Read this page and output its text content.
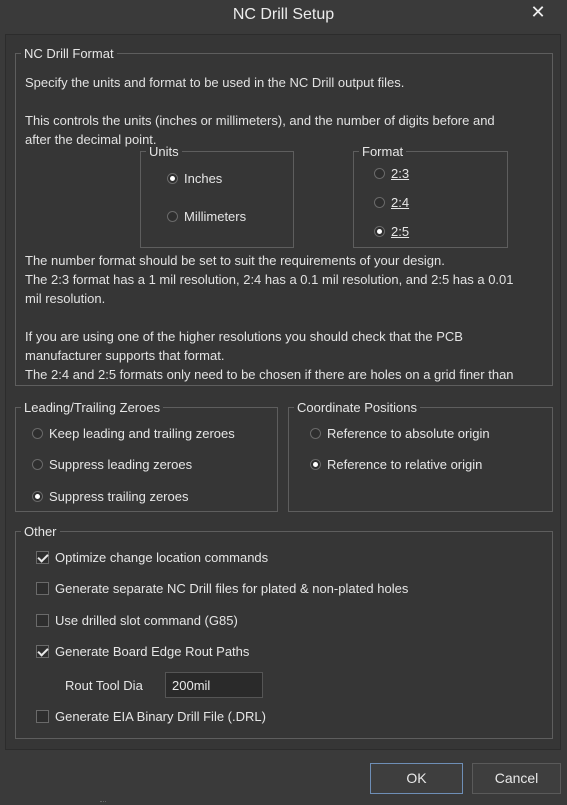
NC Drill Setup	✕
NC Drill Format
Specify the units and format to be used in the NC Drill output files.
This controls the units (inches or millimeters), and the number of digits before and
after the decimal point.
Units
Inches
Millimeters
Format
2:3
2:4
2:5
The number format should be set to suit the requirements of your design.
The 2:3 format has a 1 mil resolution, 2:4 has a 0.1 mil resolution, and 2:5 has a 0.01
mil resolution.
If you are using one of the higher resolutions you should check that the PCB
manufacturer supports that format.
The 2:4 and 2:5 formats only need to be chosen if there are holes on a grid finer than
Leading/Trailing Zeroes
Keep leading and trailing zeroes
Suppress leading zeroes
Suppress trailing zeroes
Coordinate Positions
Reference to absolute origin
Reference to relative origin
Other
Optimize change location commands
Generate separate NC Drill files for plated & non-plated holes
Use drilled slot command (G85)
Generate Board Edge Rout Paths
Rout Tool Dia
200mil
Generate EIA Binary Drill File (.DRL)
OK	Cancel
